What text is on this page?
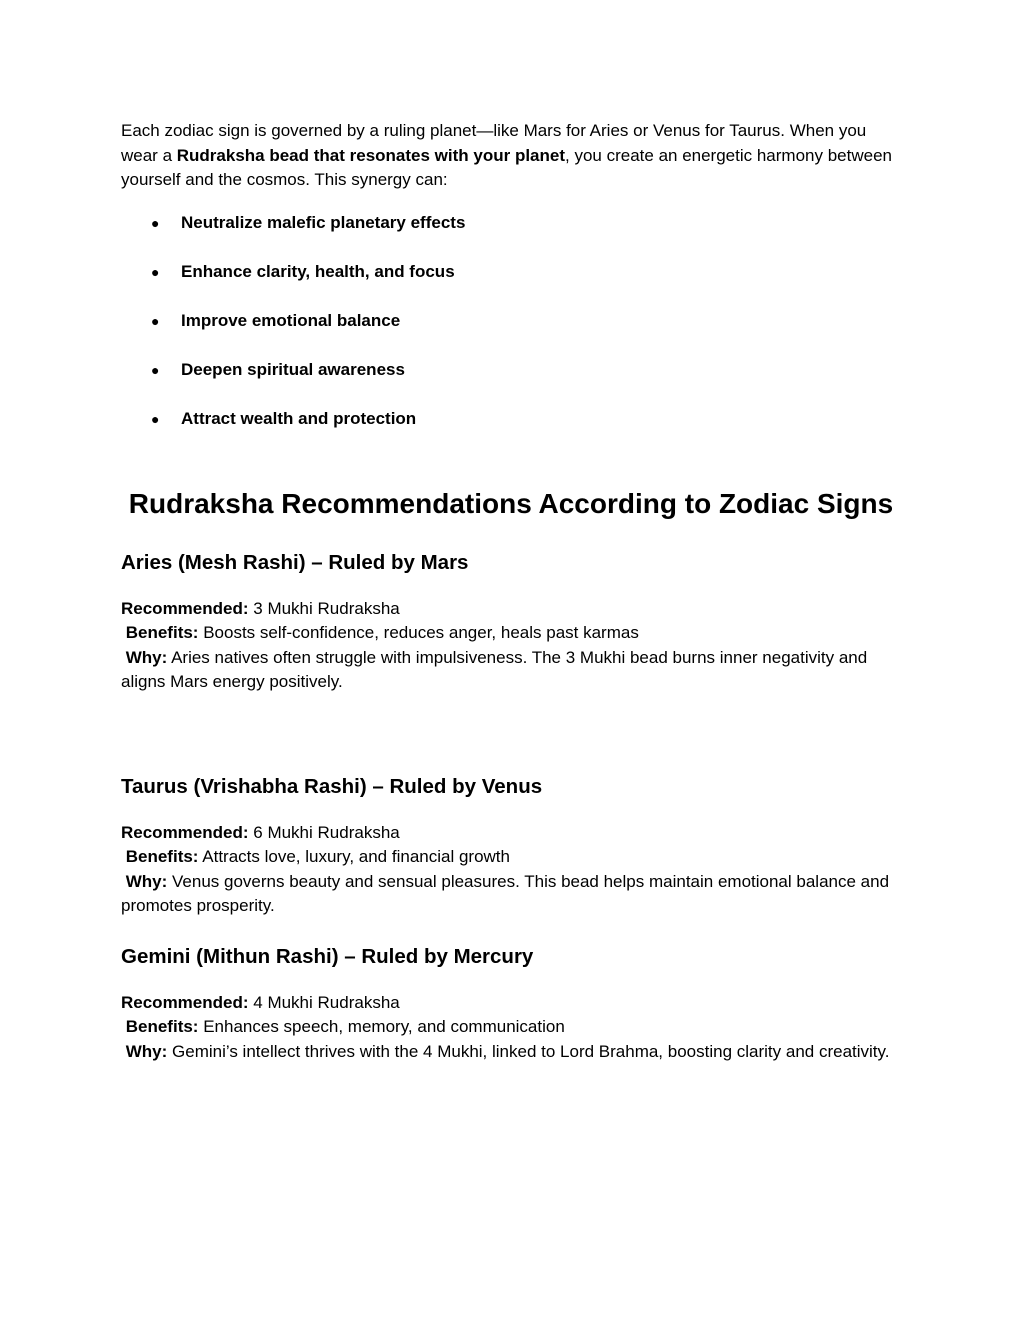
Each zodiac sign is governed by a ruling planet—like Mars for Aries or Venus for Taurus. When you wear a Rudraksha bead that resonates with your planet, you create an energetic harmony between yourself and the cosmos. This synergy can:

● Neutralize malefic planetary effects
● Enhance clarity, health, and focus
● Improve emotional balance
● Deepen spiritual awareness
● Attract wealth and protection
Rudraksha Recommendations According to Zodiac Signs
Aries (Mesh Rashi) – Ruled by Mars

Recommended: 3 Mukhi Rudraksha
Benefits: Boosts self-confidence, reduces anger, heals past karmas
Why: Aries natives often struggle with impulsiveness. The 3 Mukhi bead burns inner negativity and aligns Mars energy positively.

Taurus (Vrishabha Rashi) – Ruled by Venus

Recommended: 6 Mukhi Rudraksha
Benefits: Attracts love, luxury, and financial growth
Why: Venus governs beauty and sensual pleasures. This bead helps maintain emotional balance and promotes prosperity.

Gemini (Mithun Rashi) – Ruled by Mercury

Recommended: 4 Mukhi Rudraksha
Benefits: Enhances speech, memory, and communication
Why: Gemini’s intellect thrives with the 4 Mukhi, linked to Lord Brahma, boosting clarity and creativity.
